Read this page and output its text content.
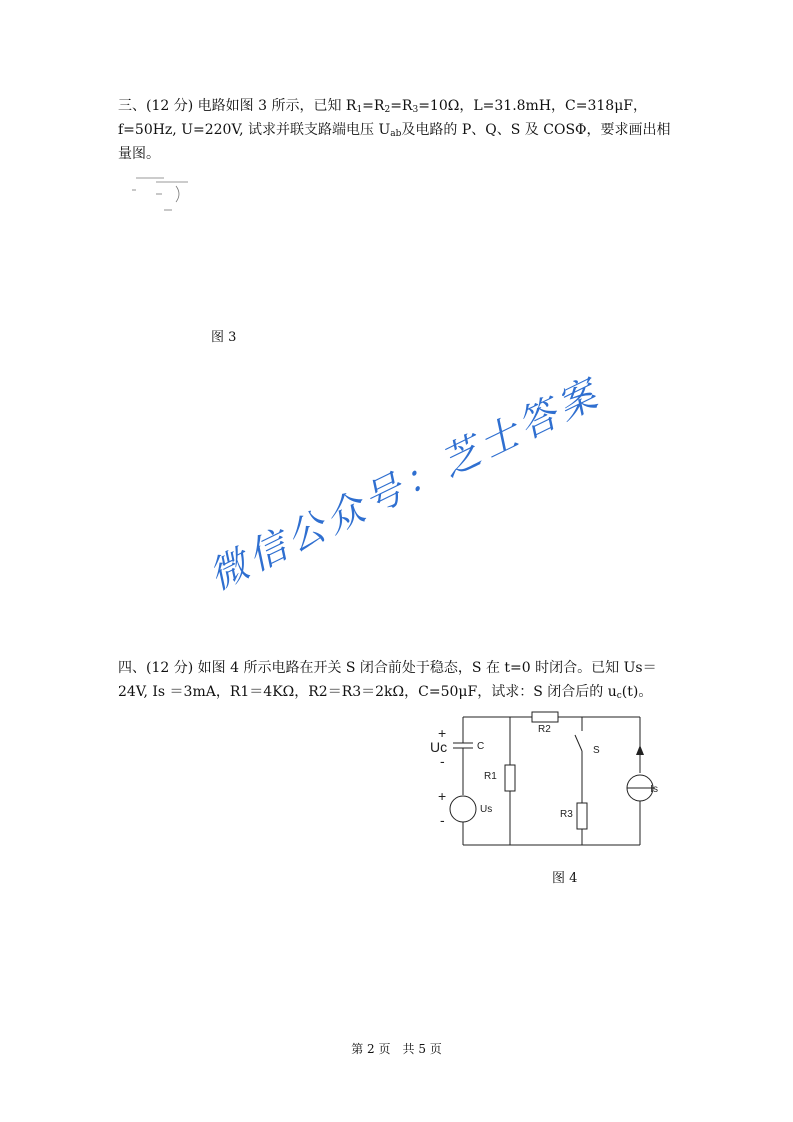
三、(12 分) 电路如图 3 所示，已知 $R_1=R_2=R_3=10\Omega$，L=31.8mH，C=318μF，f=50Hz, U=220V, 试求并联支路端电压 $U_{ab}$及电路的 P、Q、S 及 COSΦ，要求画出相量图。
图 3
微信公众号：芝士答案
四、(12 分) 如图 4 所示电路在开关 S 闭合前处于稳态，S 在 t=0 时闭合。已知 Us＝24V, Is ＝3mA，R1＝4KΩ，R2＝R3＝2kΩ，C=50μF，试求：S 闭合后的 $u_c(t)$。
+
Uc
-
C
R1
R2
S
+
-
Us	R3
Is
图 4
第 2 页　共 5 页
